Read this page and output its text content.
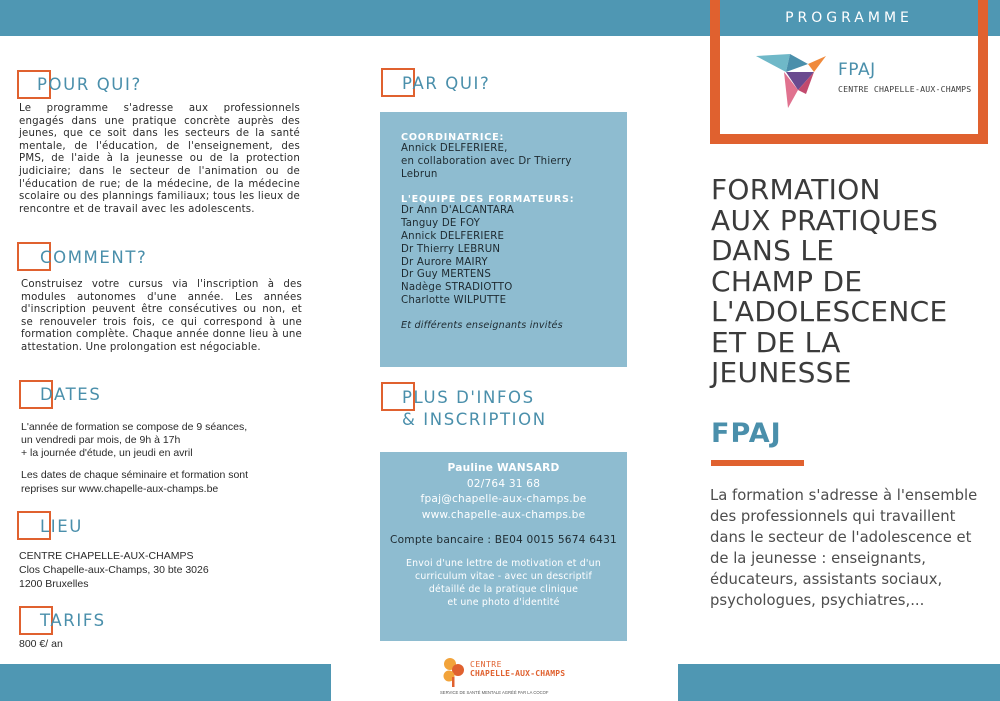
POUR QUI?
Le programme s'adresse aux professionnels engagés dans une pratique concrète auprès des jeunes, que ce soit dans les secteurs de la santé mentale, de l'éducation, de l'enseignement, des PMS, de l'aide à la jeunesse ou de la protection judiciaire; dans le secteur de l'animation ou de l'éducation de rue; de la médecine, de la médecine scolaire ou des plannings familiaux; tous les lieux de rencontre et de travail avec les adolescents.
COMMENT?
Construisez votre cursus via l'inscription à des modules autonomes d'une année. Les années d'inscription peuvent être consécutives ou non, et se renouveler trois fois, ce qui correspond à une formation complète. Chaque année donne lieu à une attestation. Une prolongation est négociable.
DATES
L'année de formation se compose de 9 séances,
un vendredi par mois, de 9h à 17h
+ la journée d'étude, un jeudi en avril
Les dates de chaque séminaire et formation sont
reprises sur www.chapelle-aux-champs.be
LIEU
CENTRE CHAPELLE-AUX-CHAMPS
Clos Chapelle-aux-Champs, 30 bte 3026
1200 Bruxelles
TARIFS
800 €/ an
PAR QUI?
COORDINATRICE:
Annick DELFERIERE,
en collaboration avec Dr Thierry
Lebrun
L'EQUIPE DES FORMATEURS:
Dr Ann D'ALCANTARA
Tanguy DE FOY
Annick DELFERIERE
Dr Thierry LEBRUN
Dr Aurore MAIRY
Dr Guy MERTENS
Nadège STRADIOTTO
Charlotte WILPUTTE
Et différents enseignants invités
PLUS D'INFOS
& INSCRIPTION
Pauline WANSARD
02/764 31 68
fpaj@chapelle-aux-champs.be
www.chapelle-aux-champs.be
Compte bancaire : BE04 0015 5674 6431
Envoi d'une lettre de motivation et d'un
curriculum vitae - avec un descriptif
détaillé de la pratique clinique
et une photo d'identité
CENTRE
CHAPELLE-AUX-CHAMPS
SERVICE DE SANTÉ MENTALE AGRÉÉ PAR LA COCOF
PROGRAMME
FPAJ
CENTRE CHAPELLE-AUX-CHAMPS
FORMATION
AUX PRATIQUES
DANS LE
CHAMP DE
L'ADOLESCENCE
ET DE LA
JEUNESSE
FPAJ
La formation s'adresse à l'ensemble des professionnels qui travaillent dans le secteur de l'adolescence et de la jeunesse : enseignants, éducateurs, assistants sociaux, psychologues, psychiatres,...
